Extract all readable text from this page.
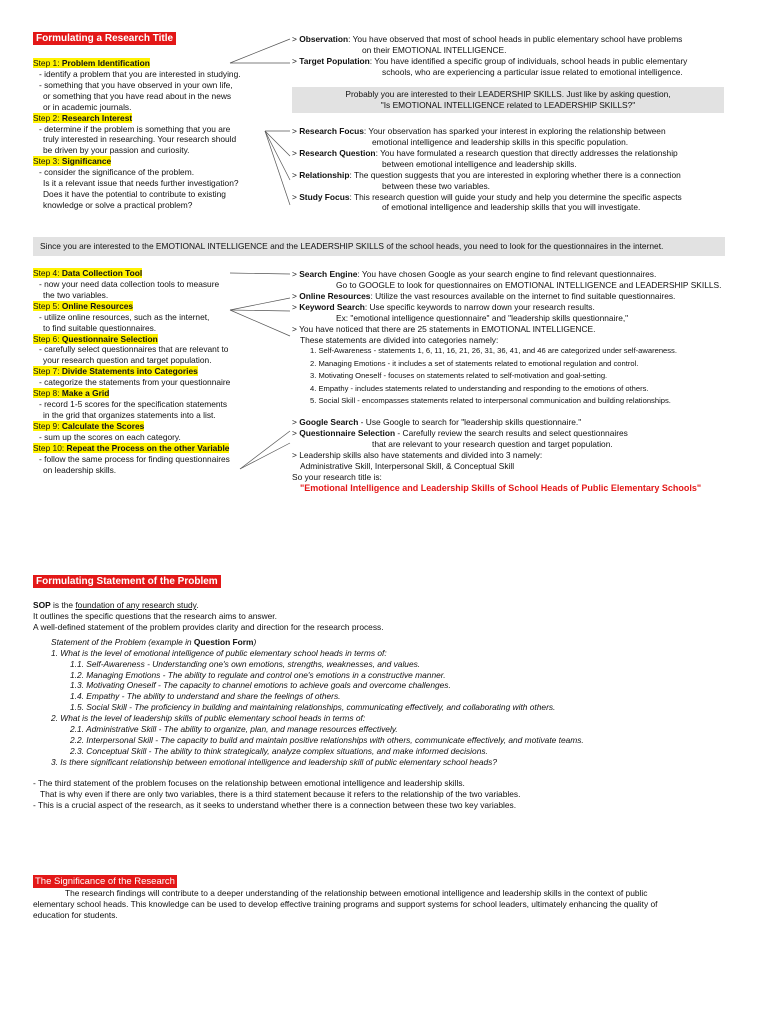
Formulating a Research Title
Step 1: Problem Identification
- identify a problem that you are interested in studying.
- something that you have observed in your own life,
or something that you have read about in the news
or in academic journals.
Step 2: Research Interest
- determine if the problem is something that you are
truly interested in researching. Your research should
be driven by your passion and curiosity.
Step 3: Significance
- consider the significance of the problem.
Is it a relevant issue that needs further investigation?
Does it have the potential to contribute to existing
knowledge or solve a practical problem?
> Observation: You have observed that most of school heads in public elementary school have problems
on their EMOTIONAL INTELLIGENCE.
> Target Population: You have identified a specific group of individuals, school heads in public elementary
schools, who are experiencing a particular issue related to emotional intelligence.
Probably you are interested to their LEADERSHIP SKILLS. Just like by asking question,
"Is EMOTIONAL INTELLIGENCE related to LEADERSHIP SKILLS?"
> Research Focus: Your observation has sparked your interest in exploring the relationship between
emotional intelligence and leadership skills in this specific population.
> Research Question: You have formulated a research question that directly addresses the relationship
between emotional intelligence and leadership skills.
> Relationship: The question suggests that you are interested in exploring whether there is a connection
between these two variables.
> Study Focus: This research question will guide your study and help you determine the specific aspects
of emotional intelligence and leadership skills that you will investigate.
Since you are interested to the EMOTIONAL INTELLIGENCE and the LEADERSHIP SKILLS of the school heads, you need to look for the questionnaires in the internet.
Step 4: Data Collection Tool
- now your need data collection tools to measure
the two variables.
Step 5: Online Resources
- utilize online resources, such as the internet,
to find suitable questionnaires.
Step 6: Questionnaire Selection
- carefully select questionnaires that are relevant to
your research question and target population.
Step 7: Divide Statements into Categories
- categorize the statements from your questionnaire
Step 8: Make a Grid
- record 1-5 scores for the specification statements
in the grid that organizes statements into a list.
Step 9: Calculate the Scores
- sum up the scores on each category.
Step 10: Repeat the Process on the other Variable
- follow the same process for finding questionnaires
on leadership skills.
> Search Engine: You have chosen Google as your search engine to find relevant questionnaires.
Go to GOOGLE to look for questionnaires on EMOTIONAL INTELLIGENCE and LEADERSHIP SKILLS.
> Online Resources: Utilize the vast resources available on the internet to find suitable questionnaires.
> Keyword Search: Use specific keywords to narrow down your research results.
Ex: "emotional intelligence questionnaire" and "leadership skills questionnaire,"
> You have noticed that there are 25 statements in EMOTIONAL INTELLIGENCE.
These statements are divided into categories namely:
1. Self-Awareness - statements 1, 6, 11, 16, 21, 26, 31, 36, 41, and 46 are categorized under self-awareness.
2. Managing Emotions - it includes a set of statements related to emotional regulation and control.
3. Motivating Oneself - focuses on statements related to self-motivation and goal-setting.
4. Empathy - includes statements related to understanding and responding to the emotions of others.
5. Social Skill - encompasses statements related to interpersonal communication and building relationships.
> Google Search - Use Google to search for "leadership skills questionnaire."
> Questionnaire Selection - Carefully review the search results and select questionnaires
that are relevant to your research question and target population.
> Leadership skills also have statements and divided into 3 namely:
Administrative Skill, Interpersonal Skill, & Conceptual Skill
So your research title is:
"Emotional Intelligence and Leadership Skills of School Heads of Public Elementary Schools"
Formulating Statement of the Problem
SOP is the foundation of any research study.
It outlines the specific questions that the research aims to answer.
A well-defined statement of the problem provides clarity and direction for the research process.
Statement of the Problem (example in Question Form)
1. What is the level of emotional intelligence of public elementary school heads in terms of:
1.1. Self-Awareness - Understanding one's own emotions, strengths, weaknesses, and values.
1.2. Managing Emotions - The ability to regulate and control one's emotions in a constructive manner.
1.3. Motivating Oneself - The capacity to channel emotions to achieve goals and overcome challenges.
1.4. Empathy - The ability to understand and share the feelings of others.
1.5. Social Skill - The proficiency in building and maintaining relationships, communicating effectively, and collaborating with others.
2. What is the level of leadership skills of public elementary school heads in terms of:
2.1. Administrative Skill - The ability to organize, plan, and manage resources effectively.
2.2. Interpersonal Skill - The capacity to build and maintain positive relationships with others, communicate effectively, and motivate teams.
2.3. Conceptual Skill - The ability to think strategically, analyze complex situations, and make informed decisions.
3. Is there significant relationship between emotional intelligence and leadership skill of public elementary school heads?
- The third statement of the problem focuses on the relationship between emotional intelligence and leadership skills.
That is why even if there are only two variables, there is a third statement because it refers to the relationship of the two variables.
- This is a crucial aspect of the research, as it seeks to understand whether there is a connection between these two key variables.
The Significance of the Research
The research findings will contribute to a deeper understanding of the relationship between emotional intelligence and leadership skills in the context of public
elementary school heads. This knowledge can be used to develop effective training programs and support systems for school leaders, ultimately enhancing the quality of
education for students.
